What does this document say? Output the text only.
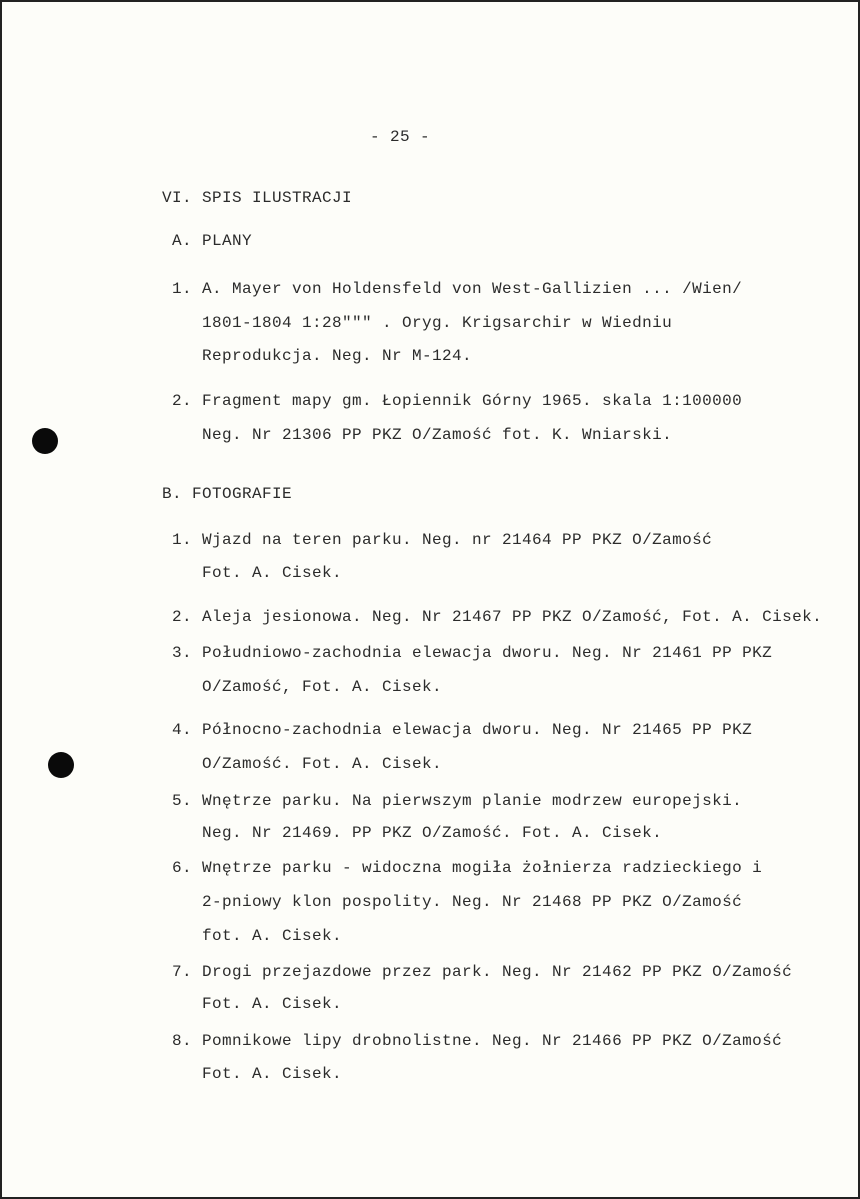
- 25 -
VI. SPIS ILUSTRACJI
A. PLANY
1. A. Mayer von Holdensfeld von West-Gallizien ... /Wien/
1801-1804 1:28""" . Oryg. Krigsarchir w Wiedniu
Reprodukcja. Neg. Nr M-124.
2. Fragment mapy gm. Łopiennik Górny 1965. skala 1:100000
Neg. Nr 21306 PP PKZ O/Zamość fot. K. Wniarski.
B. FOTOGRAFIE
1. Wjazd na teren parku. Neg. nr 21464 PP PKZ O/Zamość
Fot. A. Cisek.
2. Aleja jesionowa. Neg. Nr 21467 PP PKZ O/Zamość, Fot. A. Cisek.
3. Południowo-zachodnia elewacja dworu. Neg. Nr 21461 PP PKZ
O/Zamość, Fot. A. Cisek.
4. Północno-zachodnia elewacja dworu. Neg. Nr 21465 PP PKZ
O/Zamość. Fot. A. Cisek.
5. Wnętrze parku. Na pierwszym planie modrzew europejski.
Neg. Nr 21469. PP PKZ O/Zamość. Fot. A. Cisek.
6. Wnętrze parku - widoczna mogiła żołnierza radzieckiego i
2-pniowy klon pospolity. Neg. Nr 21468 PP PKZ O/Zamość
fot. A. Cisek.
7. Drogi przejazdowe przez park. Neg. Nr 21462 PP PKZ O/Zamość
Fot. A. Cisek.
8. Pomnikowe lipy drobnolistne. Neg. Nr 21466 PP PKZ O/Zamość
Fot. A. Cisek.
